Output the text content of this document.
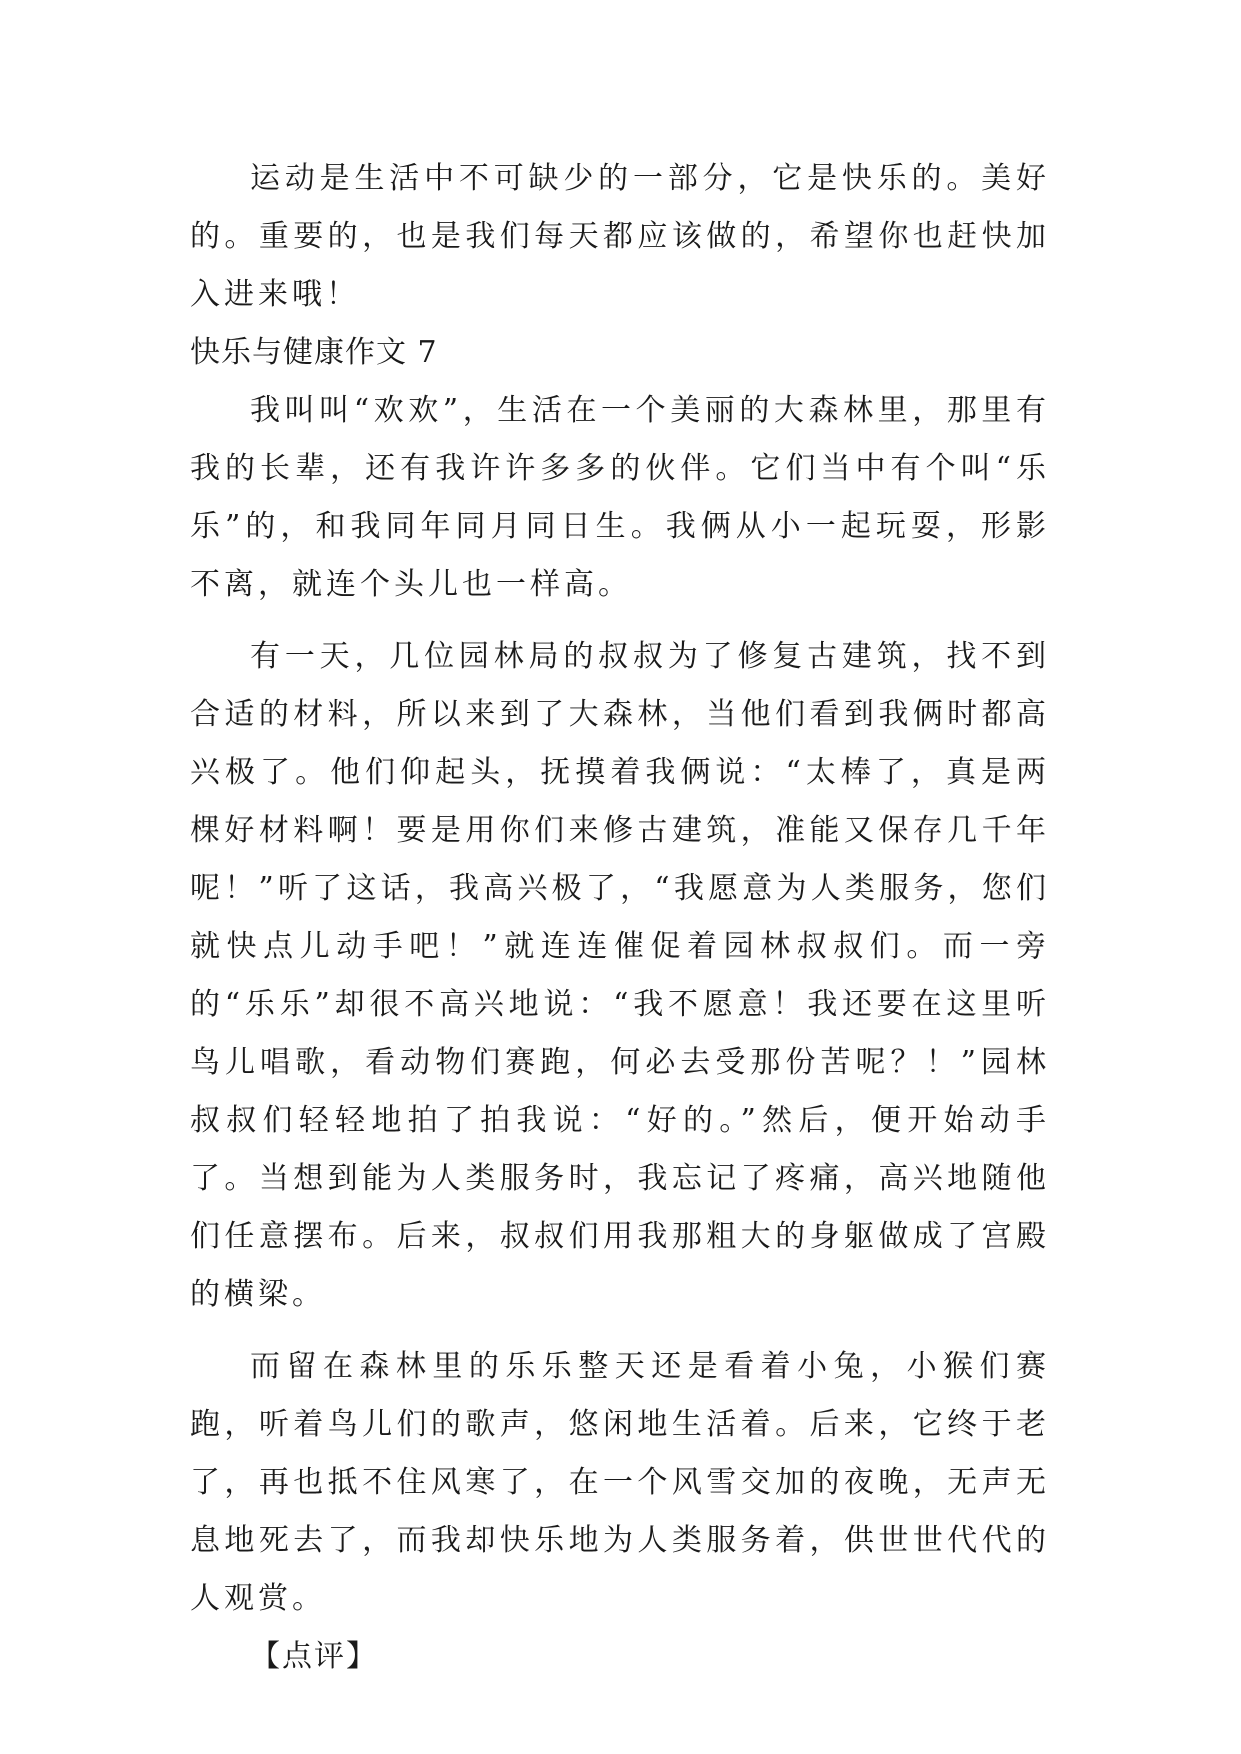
运动是生活中不可缺少的一部分，它是快乐的。美好的。重要的，也是我们每天都应该做的，希望你也赶快加入进来哦！

快乐与健康作文 7

我叫叫“欢欢”，生活在一个美丽的大森林里，那里有我的长辈，还有我许许多多的伙伴。它们当中有个叫“乐乐”的，和我同年同月同日生。我俩从小一起玩耍，形影不离，就连个头儿也一样高。

有一天，几位园林局的叔叔为了修复古建筑，找不到合适的材料，所以来到了大森林，当他们看到我俩时都高兴极了。他们仰起头，抚摸着我俩说：“太棒了，真是两棵好材料啊！要是用你们来修古建筑，准能又保存几千年呢！”听了这话，我高兴极了，“我愿意为人类服务，您们就快点儿动手吧！”就连连催促着园林叔叔们。而一旁的“乐乐”却很不高兴地说：“我不愿意！我还要在这里听鸟儿唱歌，看动物们赛跑，何必去受那份苦呢？！”园林叔叔们轻轻地拍了拍我说：“好的。”然后，便开始动手了。当想到能为人类服务时，我忘记了疼痛，高兴地随他们任意摆布。后来，叔叔们用我那粗大的身躯做成了宫殿的横梁。

而留在森林里的乐乐整天还是看着小兔，小猴们赛跑，听着鸟儿们的歌声，悠闲地生活着。后来，它终于老了，再也抵不住风寒了，在一个风雪交加的夜晚，无声无息地死去了，而我却快乐地为人类服务着，供世世代代的人观赏。

【点评】
